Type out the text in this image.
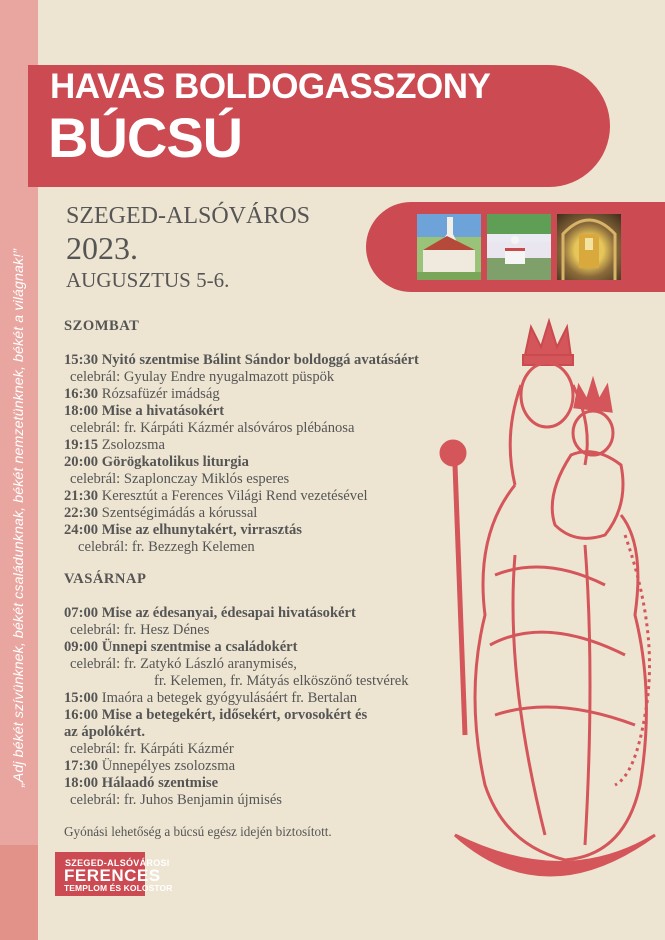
„Adj békét szívünknek, békét családunknak, békét nemzetünknek, békét a világnak!”
HAVAS BOLDOGASSZONY
BÚCSÚ
SZEGED-ALSÓVÁROS
2023.
AUGUSZTUS 5-6.
SZOMBAT
15:30 Nyitó szentmise Bálint Sándor boldoggá avatásáért
celebrál: Gyulay Endre nyugalmazott püspök
16:30 Rózsafüzér imádság
18:00 Mise a hivatásokért
celebrál: fr. Kárpáti Kázmér alsóváros plébánosa
19:15 Zsolozsma
20:00 Görögkatolikus liturgia
celebrál: Szaplonczay Miklós esperes
21:30 Keresztút a Ferences Világi Rend vezetésével
22:30 Szentségimádás a kórussal
24:00 Mise az elhunytakért, virrasztás
celebrál: fr. Bezzegh Kelemen
VASÁRNAP
07:00 Mise az édesanyai, édesapai hivatásokért
celebrál: fr. Hesz Dénes
09:00 Ünnepi szentmise a családokért
celebrál: fr. Zatykó László aranymisés,
fr. Kelemen, fr. Mátyás elköszönő testvérek
15:00 Imaóra a betegek gyógyulásáért fr. Bertalan
16:00 Mise a betegekért, idősekért, orvosokért és
az ápolókért.
celebrál: fr. Kárpáti Kázmér
17:30 Ünnepélyes zsolozsma
18:00 Hálaadó szentmise
celebrál: fr. Juhos Benjamin újmisés
Gyónási lehetőség a búcsú egész idején biztosított.
SZEGED-ALSÓVÁROSI
FERENCES
TEMPLOM ÉS KOLOSTOR
